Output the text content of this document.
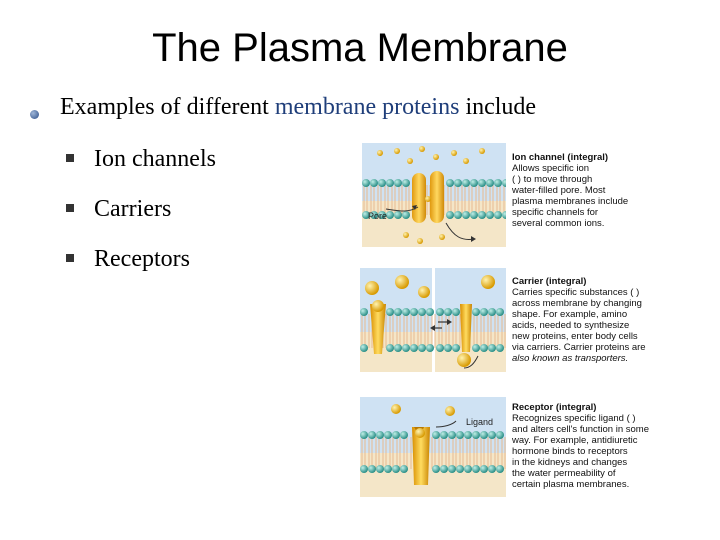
The Plasma Membrane
Examples of different membrane proteins include
Ion channels
Carriers
Receptors
Pore
Ion channel (integral)
Allows specific ion
( ) to move through
water-filled pore. Most
plasma membranes include
specific channels for
several common ions.
Carrier (integral)
Carries specific substances ( )
across membrane by changing
shape. For example, amino
acids, needed to synthesize
new proteins, enter body cells
via carriers. Carrier proteins are
also known as transporters.
Ligand
Receptor (integral)
Recognizes specific ligand ( )
and alters cell's function in some
way. For example, antidiuretic
hormone binds to receptors
in the kidneys and changes
the water permeability of
certain plasma membranes.
